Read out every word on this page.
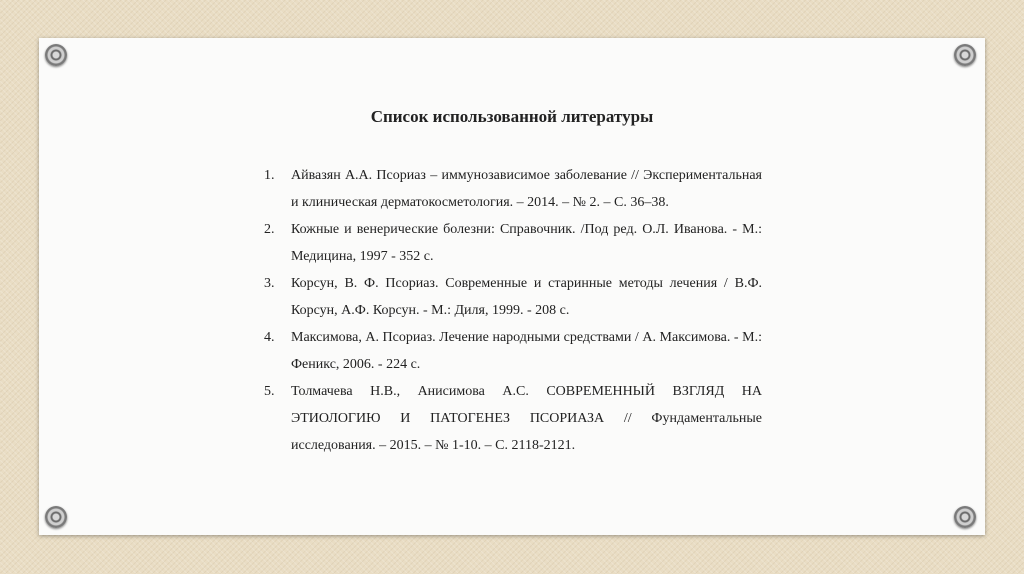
Список использованной литературы
1. Айвазян А.А. Псориаз – иммунозависимое заболевание // Экспериментальная и клиническая дерматокосметология. – 2014. – № 2. – С. 36–38.
2. Кожные и венерические болезни: Справочник. /Под ред. О.Л. Иванова. - М.: Медицина, 1997 - 352 с.
3. Корсун, В. Ф. Псориаз. Современные и старинные методы лечения / В.Ф. Корсун, А.Ф. Корсун. - М.: Диля, 1999. - 208 с.
4. Максимова, А. Псориаз. Лечение народными средствами / А. Максимова. - М.: Феникс, 2006. - 224 с.
5. Толмачева Н.В., Анисимова А.С. СОВРЕМЕННЫЙ ВЗГЛЯД НА ЭТИОЛОГИЮ И ПАТОГЕНЕЗ ПСОРИАЗА // Фундаментальные исследования. – 2015. – № 1-10. – С. 2118-2121.
